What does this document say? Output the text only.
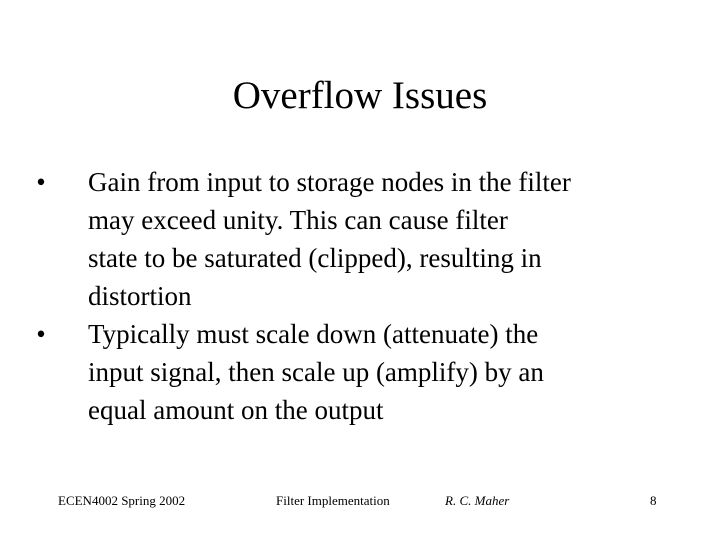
Overflow Issues
• Gain from input to storage nodes in the filter
may exceed unity. This can cause filter
state to be saturated (clipped), resulting in
distortion
• Typically must scale down (attenuate) the
input signal, then scale up (amplify) by an
equal amount on the output
ECEN4002 Spring 2002	Filter Implementation	R. C. Maher	8
